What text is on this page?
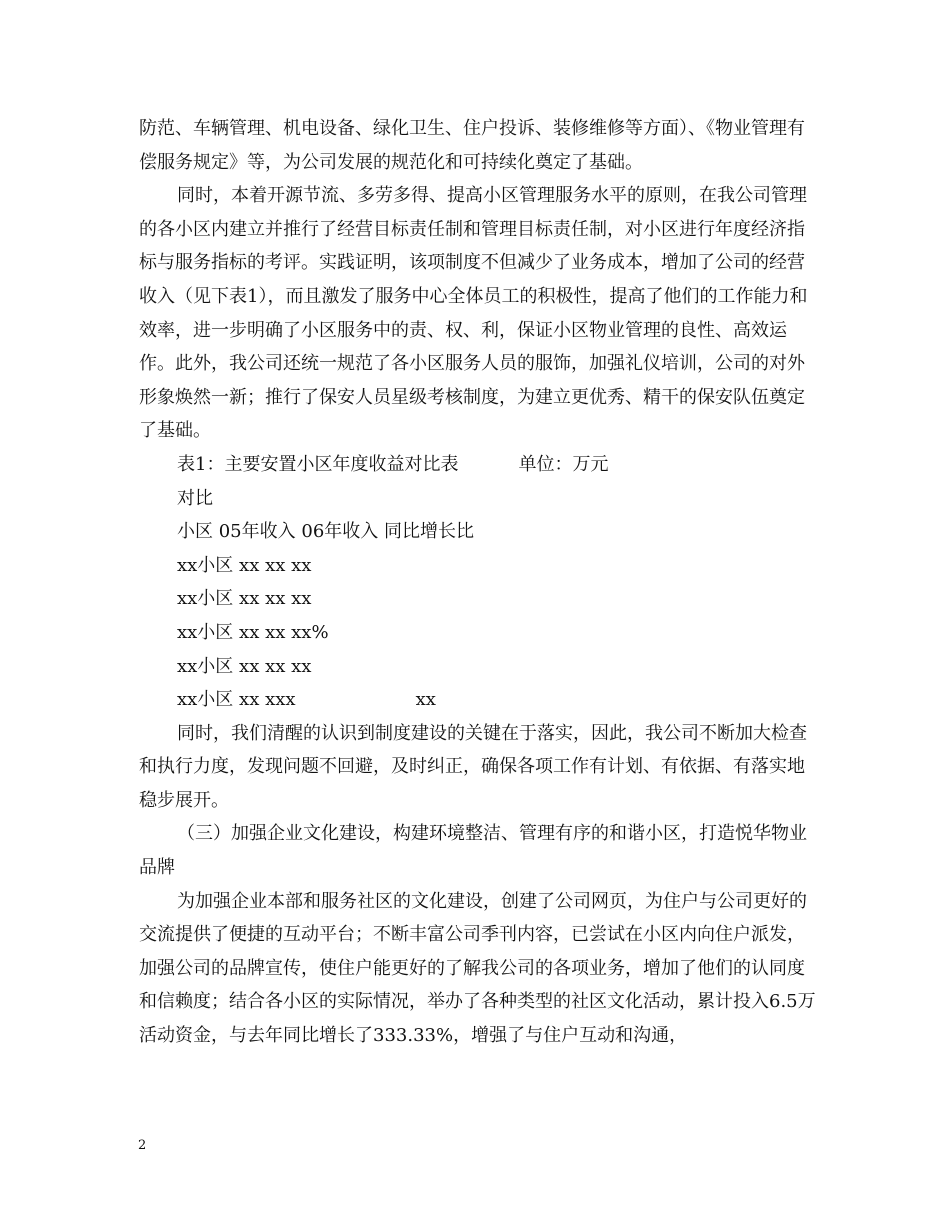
防范、车辆管理、机电设备、绿化卫生、住户投诉、装修维修等方面）、《物业管理有偿服务规定》等，为公司发展的规范化和可持续化奠定了基础。

同时，本着开源节流、多劳多得、提高小区管理服务水平的原则，在我公司管理的各小区内建立并推行了经营目标责任制和管理目标责任制，对小区进行年度经济指标与服务指标的考评。实践证明，该项制度不但减少了业务成本，增加了公司的经营收入（见下表1），而且激发了服务中心全体员工的积极性，提高了他们的工作能力和效率，进一步明确了小区服务中的责、权、利，保证小区物业管理的良性、高效运作。此外，我公司还统一规范了各小区服务人员的服饰，加强礼仪培训，公司的对外形象焕然一新；推行了保安人员星级考核制度，为建立更优秀、精干的保安队伍奠定了基础。

表1：主要安置小区年度收益对比表	单位：万元

对比

小区 05年收入 06年收入 同比增长比

xx小区 xx xx xx

xx小区 xx xx xx

xx小区 xx xx xx%

xx小区 xx xx xx

xx小区 xx xxx	xx

同时，我们清醒的认识到制度建设的关键在于落实，因此，我公司不断加大检查和执行力度，发现问题不回避，及时纠正，确保各项工作有计划、有依据、有落实地稳步展开。

（三）加强企业文化建设，构建环境整洁、管理有序的和谐小区，打造悦华物业品牌

为加强企业本部和服务社区的文化建设，创建了公司网页，为住户与公司更好的交流提供了便捷的互动平台；不断丰富公司季刊内容，已尝试在小区内向住户派发，加强公司的品牌宣传，使住户能更好的了解我公司的各项业务，增加了他们的认同度和信赖度；结合各小区的实际情况，举办了各种类型的社区文化活动，累计投入6.5万活动资金，与去年同比增长了333.33%，增强了与住户互动和沟通，

2
